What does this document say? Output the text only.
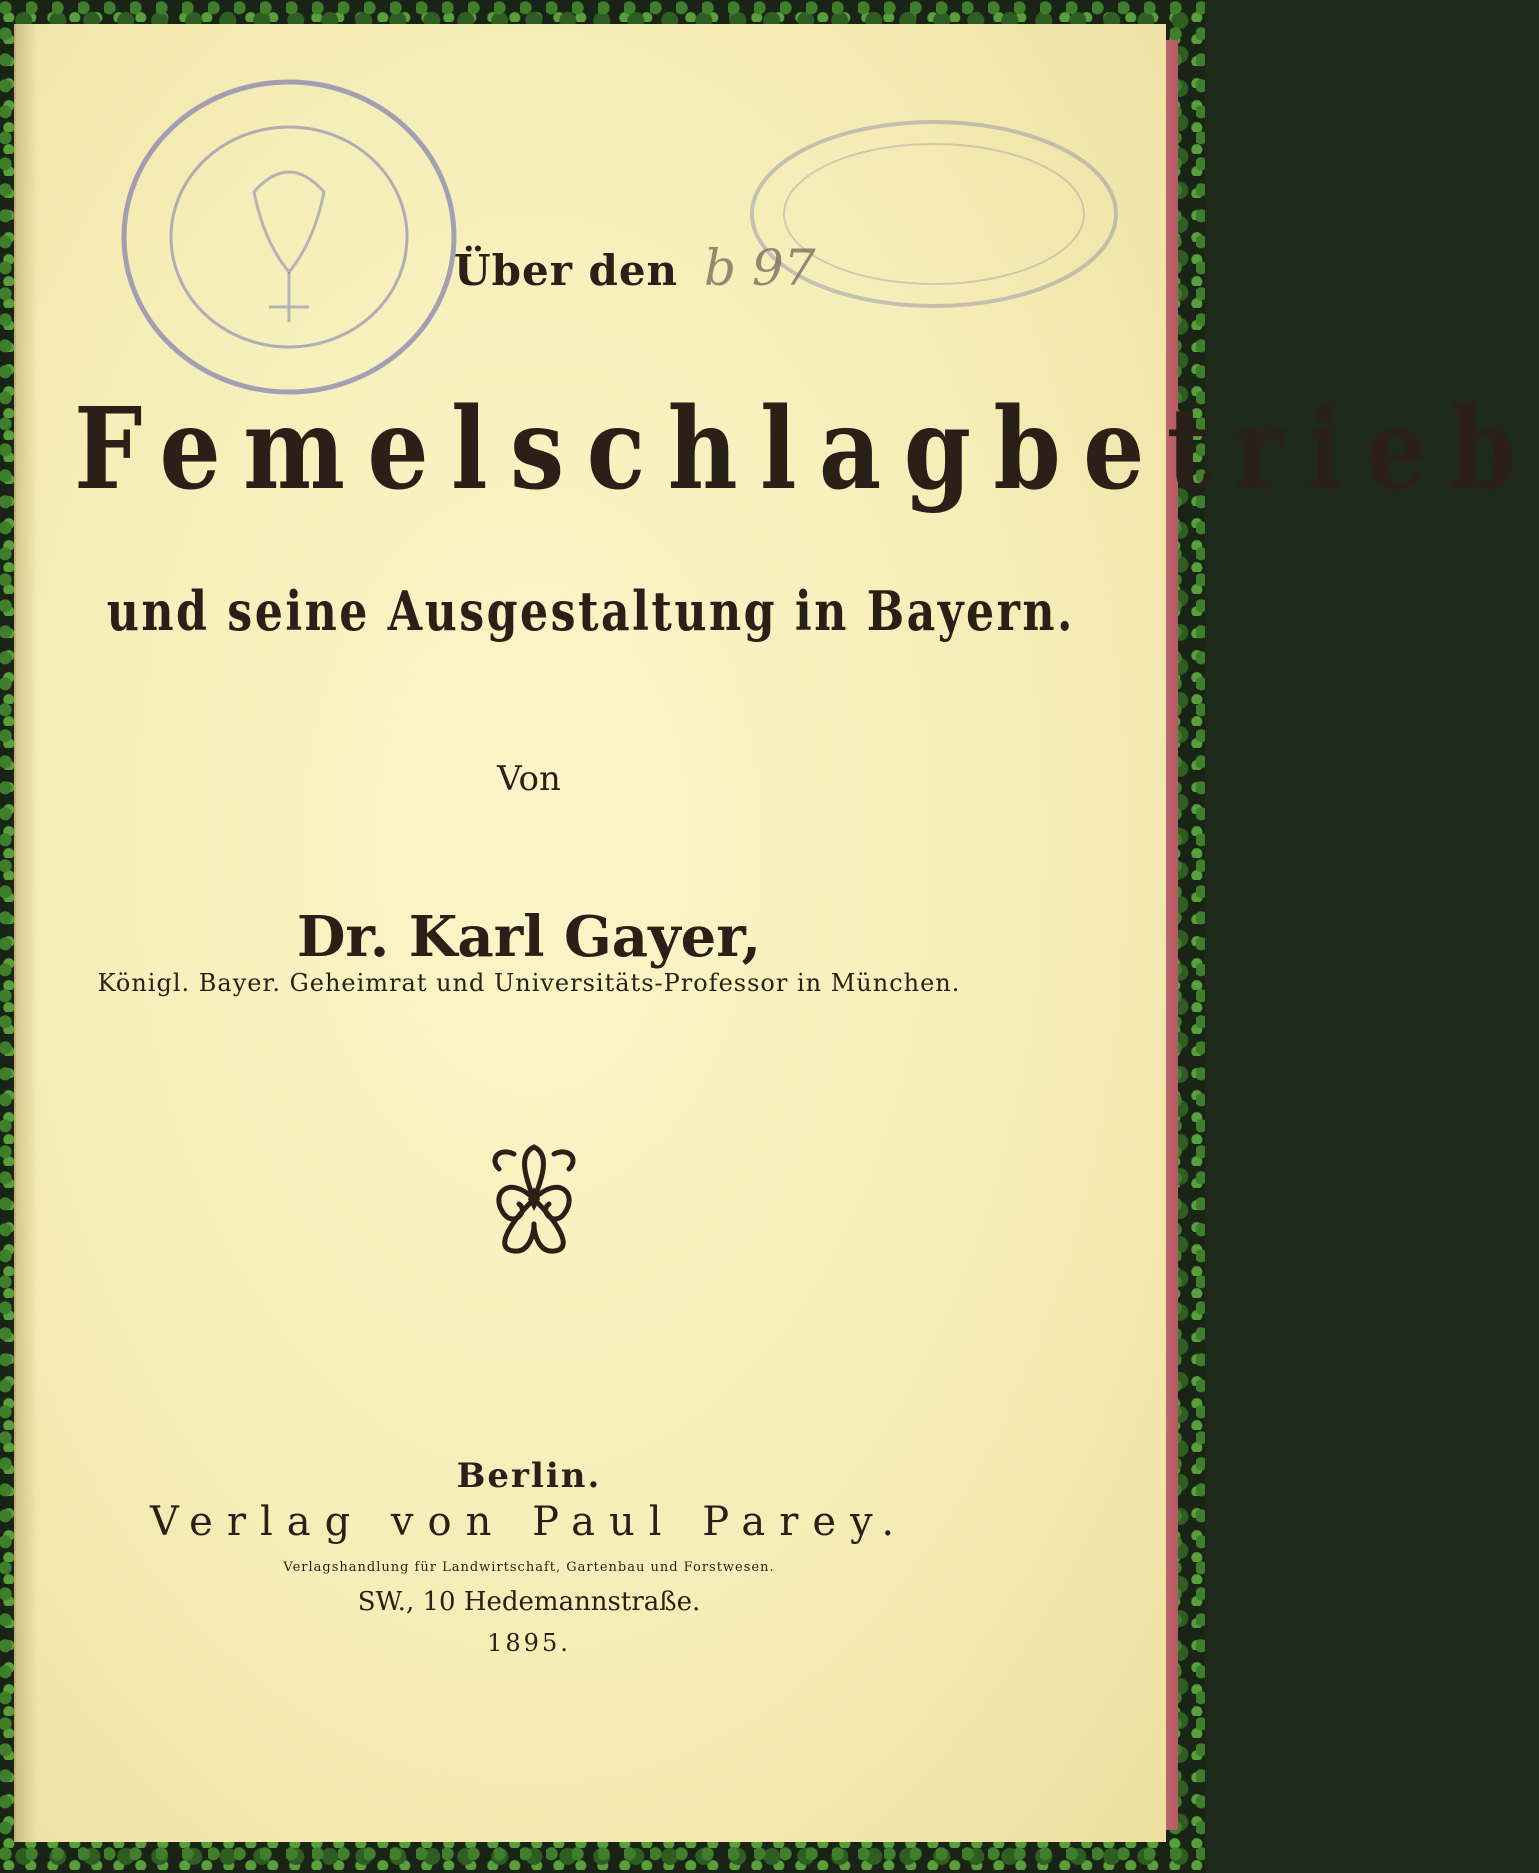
b 97
Über den
Femelschlagbetrieb
und seine Ausgestaltung in Bayern.
Von
Dr. Karl Gayer,
Königl. Bayer. Geheimrat und Universitäts-Professor in München.
Berlin.
Verlag von Paul Parey.
Verlagshandlung für Landwirtschaft, Gartenbau und Forstwesen.
SW., 10 Hedemannstraße.
1895.
